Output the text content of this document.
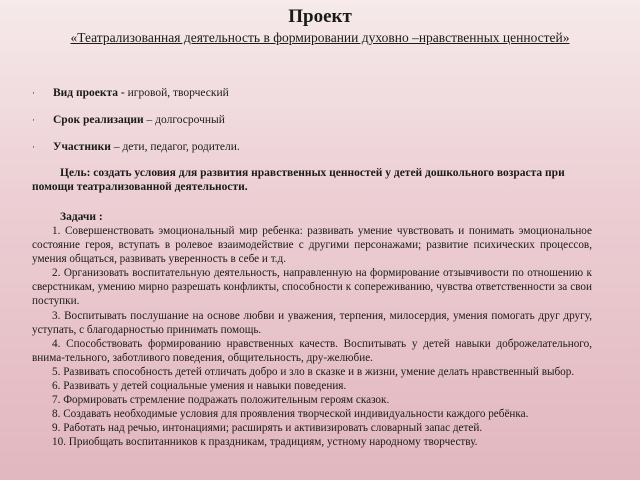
Проект
«Театрализованная деятельность в формировании духовно –нравственных ценностей»
· Вид проекта - игровой, творческий
· Срок реализации – долгосрочный
· Участники – дети, педагог, родители.
Цель: создать условия для развития нравственных ценностей у детей дошкольного возраста при помощи театрализованной деятельности.
Задачи :

1. Совершенствовать эмоциональный мир ребенка: развивать умение чувствовать и понимать эмоциональное состояние героя, вступать в ролевое взаимодействие с другими персонажами; развитие психических процессов, умения общаться, развивать уверенность в себе и т.д.

2. Организовать воспитательную деятельность, направленную на формирование отзывчивости по отношению к сверстникам, умению мирно разрешать конфликты, способности к сопереживанию, чувства ответственности за свои поступки.

3. Воспитывать послушание на основе любви и уважения, терпения, милосердия, умения помогать друг другу, уступать, с благодарностью принимать помощь.

4. Способствовать формированию нравственных качеств. Воспитывать у детей навыки доброжелательного, внима-тельного, заботливого поведения, общительность, дру-желюбие.

5. Развивать способность детей отличать добро и зло в сказке и в жизни, умение делать нравственный выбор.

6. Развивать у детей социальные умения и навыки поведения.

7. Формировать стремление подражать положительным героям сказок.

8. Создавать необходимые условия для проявления творческой индивидуальности каждого ребёнка.

9. Работать над речью, интонациями; расширять и активизировать словарный запас детей.

10. Приобщать воспитанников к праздникам, традициям, устному народному творчеству.
